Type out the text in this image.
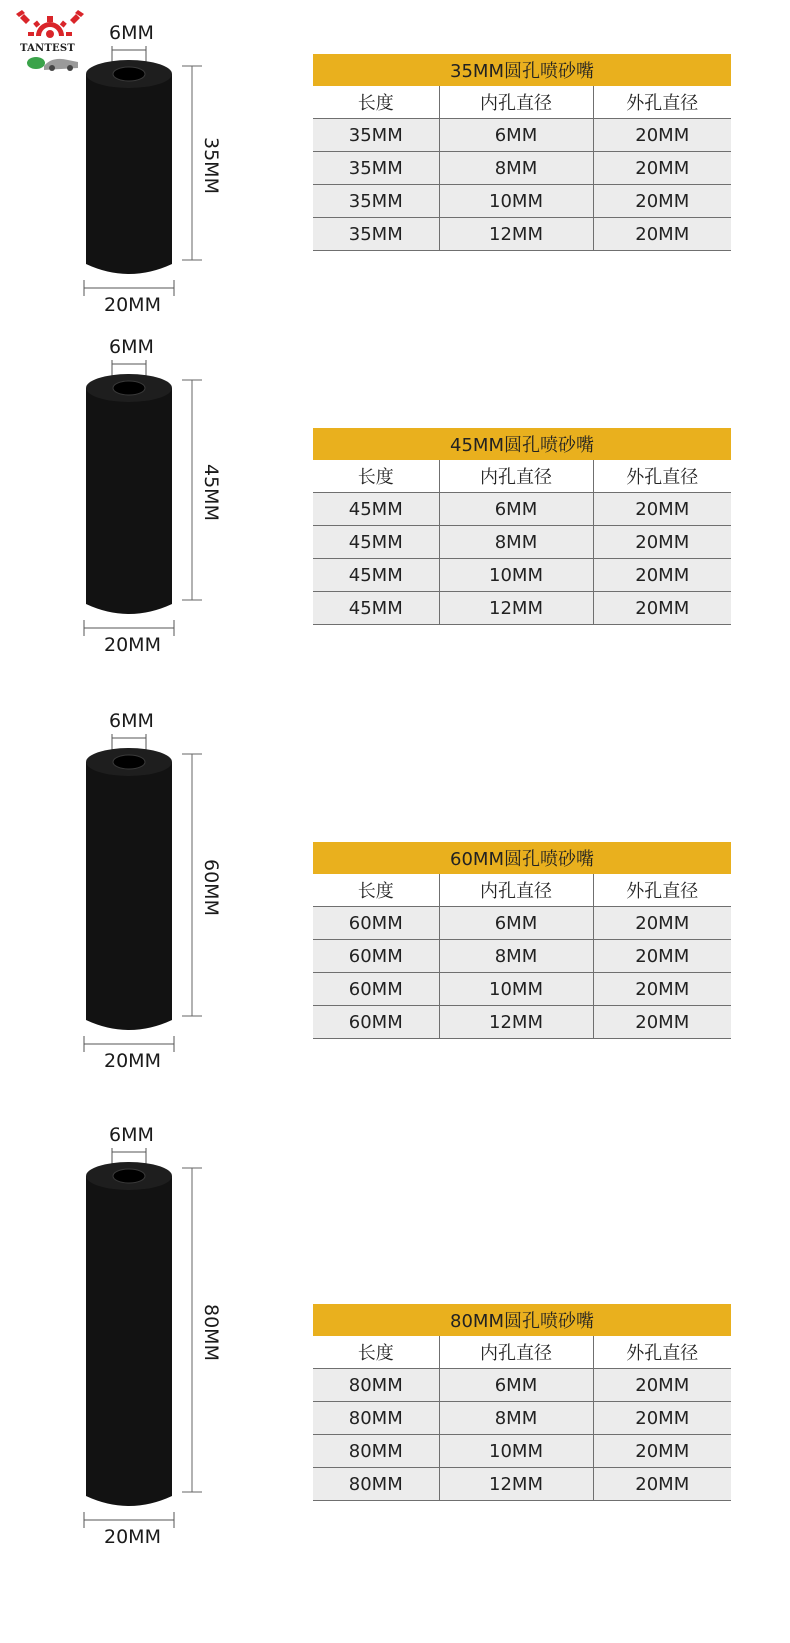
TANTEST
6MM
35MM
20MM
35MM圆孔喷砂嘴		
长度	内孔直径	外孔直径
35MM	6MM	20MM
35MM	8MM	20MM
35MM	10MM	20MM
35MM	12MM	20MM
6MM
45MM
20MM
45MM圆孔喷砂嘴		
长度	内孔直径	外孔直径
45MM	6MM	20MM
45MM	8MM	20MM
45MM	10MM	20MM
45MM	12MM	20MM
6MM
60MM
20MM
60MM圆孔喷砂嘴		
长度	内孔直径	外孔直径
60MM	6MM	20MM
60MM	8MM	20MM
60MM	10MM	20MM
60MM	12MM	20MM
6MM
80MM
20MM
80MM圆孔喷砂嘴		
长度	内孔直径	外孔直径
80MM	6MM	20MM
80MM	8MM	20MM
80MM	10MM	20MM
80MM	12MM	20MM
